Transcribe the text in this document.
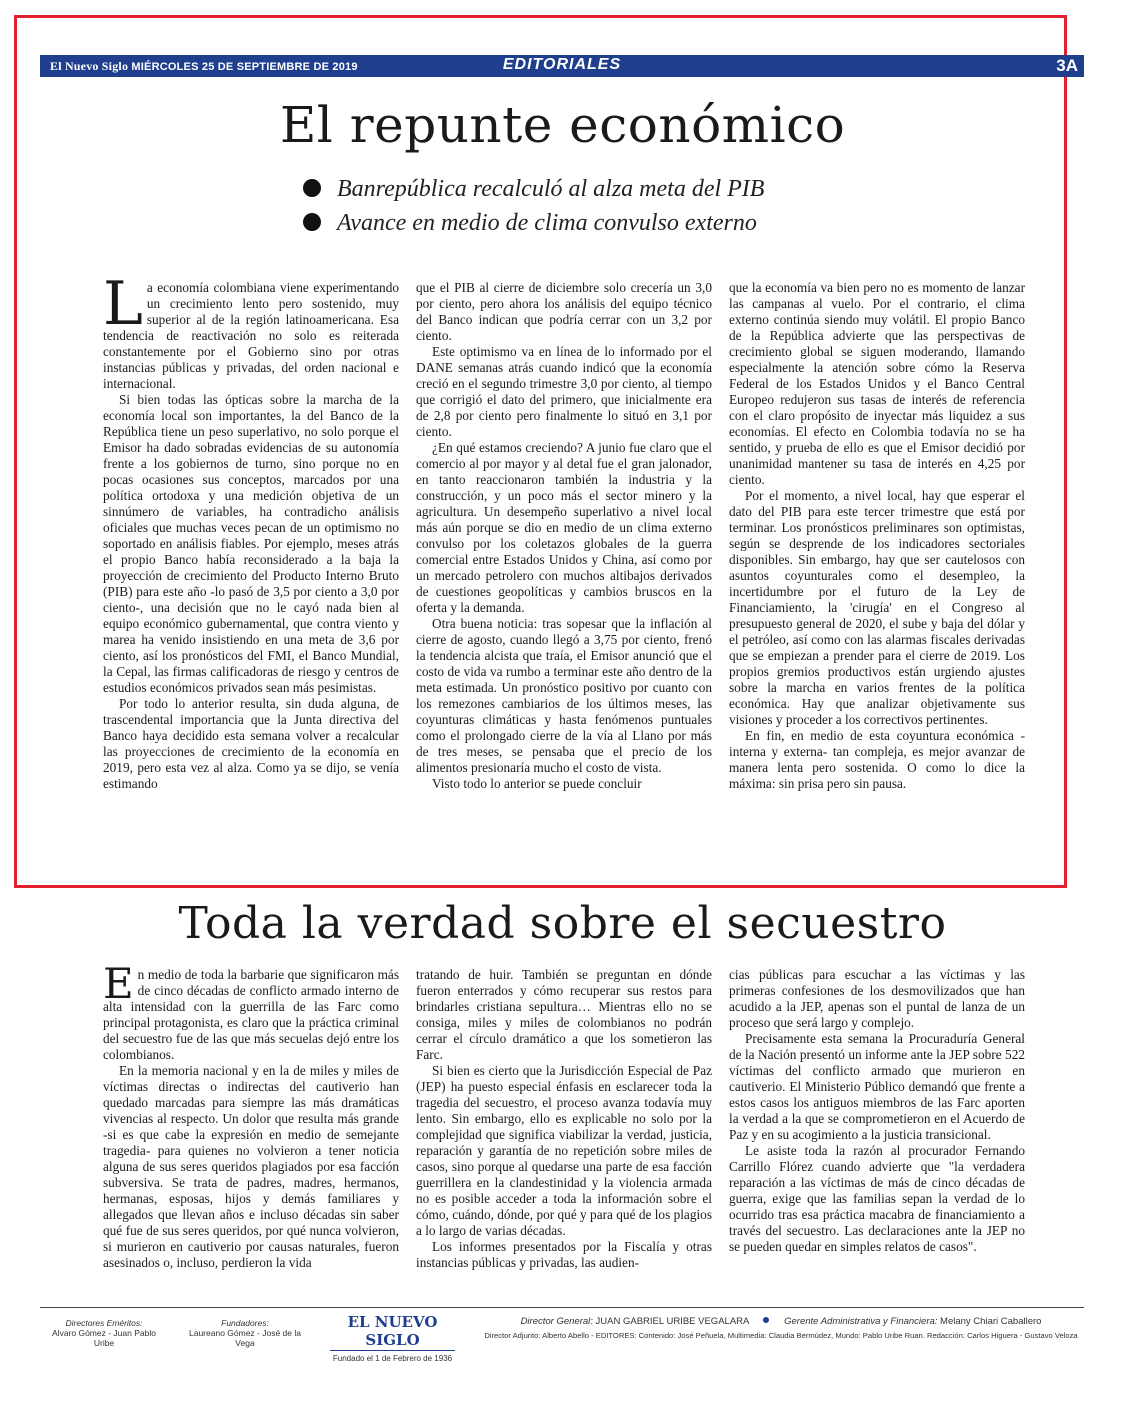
El Nuevo Siglo MIÉRCOLES 25 DE SEPTIEMBRE DE 2019	EDITORIALES	3A
El repunte económico
Banrepública recalculó al alza meta del PIB
Avance en medio de clima convulso externo

La economía colombiana viene experimentando un crecimiento lento pero sostenido, muy superior al de la región latinoamericana. Esa tendencia de reactivación no solo es reiterada constantemente por el Gobierno sino por otras instancias públicas y privadas, del orden nacional e internacional.

Si bien todas las ópticas sobre la marcha de la economía local son importantes, la del Banco de la República tiene un peso superlativo, no solo porque el Emisor ha dado sobradas evidencias de su autonomía frente a los gobiernos de turno, sino porque no en pocas ocasiones sus conceptos, marcados por una política ortodoxa y una medición objetiva de un sinnúmero de variables, ha contradicho análisis oficiales que muchas veces pecan de un optimismo no soportado en análisis fiables. Por ejemplo, meses atrás el propio Banco había reconsiderado a la baja la proyección de crecimiento del Producto Interno Bruto (PIB) para este año -lo pasó de 3,5 por ciento a 3,0 por ciento-, una decisión que no le cayó nada bien al equipo económico gubernamental, que contra viento y marea ha venido insistiendo en una meta de 3,6 por ciento, así los pronósticos del FMI, el Banco Mundial, la Cepal, las firmas calificadoras de riesgo y centros de estudios económicos privados sean más pesimistas.

Por todo lo anterior resulta, sin duda alguna, de trascendental importancia que la Junta directiva del Banco haya decidido esta semana volver a recalcular las proyecciones de crecimiento de la economía en 2019, pero esta vez al alza. Como ya se dijo, se venía estimando

que el PIB al cierre de diciembre solo crecería un 3,0 por ciento, pero ahora los análisis del equipo técnico del Banco indican que podría cerrar con un 3,2 por ciento.

Este optimismo va en línea de lo informado por el DANE semanas atrás cuando indicó que la economía creció en el segundo trimestre 3,0 por ciento, al tiempo que corrigió el dato del primero, que inicialmente era de 2,8 por ciento pero finalmente lo situó en 3,1 por ciento.

¿En qué estamos creciendo? A junio fue claro que el comercio al por mayor y al detal fue el gran jalonador, en tanto reaccionaron también la industria y la construcción, y un poco más el sector minero y la agricultura. Un desempeño superlativo a nivel local más aún porque se dio en medio de un clima externo convulso por los coletazos globales de la guerra comercial entre Estados Unidos y China, así como por un mercado petrolero con muchos altibajos derivados de cuestiones geopolíticas y cambios bruscos en la oferta y la demanda.

Otra buena noticia: tras sopesar que la inflación al cierre de agosto, cuando llegó a 3,75 por ciento, frenó la tendencia alcista que traía, el Emisor anunció que el costo de vida va rumbo a terminar este año dentro de la meta estimada. Un pronóstico positivo por cuanto con los remezones cambiarios de los últimos meses, las coyunturas climáticas y hasta fenómenos puntuales como el prolongado cierre de la vía al Llano por más de tres meses, se pensaba que el precio de los alimentos presionaría mucho el costo de vista.

Visto todo lo anterior se puede concluir

que la economía va bien pero no es momento de lanzar las campanas al vuelo. Por el contrario, el clima externo continúa siendo muy volátil. El propio Banco de la República advierte que las perspectivas de crecimiento global se siguen moderando, llamando especialmente la atención sobre cómo la Reserva Federal de los Estados Unidos y el Banco Central Europeo redujeron sus tasas de interés de referencia con el claro propósito de inyectar más liquidez a sus economías. El efecto en Colombia todavía no se ha sentido, y prueba de ello es que el Emisor decidió por unanimidad mantener su tasa de interés en 4,25 por ciento.

Por el momento, a nivel local, hay que esperar el dato del PIB para este tercer trimestre que está por terminar. Los pronósticos preliminares son optimistas, según se desprende de los indicadores sectoriales disponibles. Sin embargo, hay que ser cautelosos con asuntos coyunturales como el desempleo, la incertidumbre por el futuro de la Ley de Financiamiento, la 'cirugía' en el Congreso al presupuesto general de 2020, el sube y baja del dólar y el petróleo, así como con las alarmas fiscales derivadas que se empiezan a prender para el cierre de 2019. Los propios gremios productivos están urgiendo ajustes sobre la marcha en varios frentes de la política económica. Hay que analizar objetivamente sus visiones y proceder a los correctivos pertinentes.

En fin, en medio de esta coyuntura económica -interna y externa- tan compleja, es mejor avanzar de manera lenta pero sostenida. O como lo dice la máxima: sin prisa pero sin pausa.

Toda la verdad sobre el secuestro

En medio de toda la barbarie que significaron más de cinco décadas de conflicto armado interno de alta intensidad con la guerrilla de las Farc como principal protagonista, es claro que la práctica criminal del secuestro fue de las que más secuelas dejó entre los colombianos.

En la memoria nacional y en la de miles y miles de víctimas directas o indirectas del cautiverio han quedado marcadas para siempre las más dramáticas vivencias al respecto. Un dolor que resulta más grande -si es que cabe la expresión en medio de semejante tragedia- para quienes no volvieron a tener noticia alguna de sus seres queridos plagiados por esa facción subversiva. Se trata de padres, madres, hermanos, hermanas, esposas, hijos y demás familiares y allegados que llevan años e incluso décadas sin saber qué fue de sus seres queridos, por qué nunca volvieron, si murieron en cautiverio por causas naturales, fueron asesinados o, incluso, perdieron la vida

tratando de huir. También se preguntan en dónde fueron enterrados y cómo recuperar sus restos para brindarles cristiana sepultura… Mientras ello no se consiga, miles y miles de colombianos no podrán cerrar el círculo dramático a que los sometieron las Farc.

Si bien es cierto que la Jurisdicción Especial de Paz (JEP) ha puesto especial énfasis en esclarecer toda la tragedia del secuestro, el proceso avanza todavía muy lento. Sin embargo, ello es explicable no solo por la complejidad que significa viabilizar la verdad, justicia, reparación y garantía de no repetición sobre miles de casos, sino porque al quedarse una parte de esa facción guerrillera en la clandestinidad y la violencia armada no es posible acceder a toda la información sobre el cómo, cuándo, dónde, por qué y para qué de los plagios a lo largo de varias décadas.

Los informes presentados por la Fiscalía y otras instancias públicas y privadas, las audien-

cias públicas para escuchar a las víctimas y las primeras confesiones de los desmovilizados que han acudido a la JEP, apenas son el puntal de lanza de un proceso que será largo y complejo.

Precisamente esta semana la Procuraduría General de la Nación presentó un informe ante la JEP sobre 522 víctimas del conflicto armado que murieron en cautiverio. El Ministerio Público demandó que frente a estos casos los antiguos miembros de las Farc aporten la verdad a la que se comprometieron en el Acuerdo de Paz y en su acogimiento a la justicia transicional.

Le asiste toda la razón al procurador Fernando Carrillo Flórez cuando advierte que "la verdadera reparación a las víctimas de más de cinco décadas de guerra, exige que las familias sepan la verdad de lo ocurrido tras esa práctica macabra de financiamiento a través del secuestro. Las declaraciones ante la JEP no se pueden quedar en simples relatos de casos".

Directores Eméritos:
Alvaro Gómez - Juan Pablo Uribe
Fundadores:
Laureano Gómez - José de la Vega
EL NUEVO SIGLO
Fundado el 1 de Febrero de 1936
Director General: JUAN GABRIEL URIBE VEGALARA	Gerente Administrativa y Financiera: Melany Chiari Caballero
Director Adjunto: Alberto Abello - EDITORES: Contenido: José Peñuela, Multimedia: Claudia Bermúdez, Mundo: Pablo Uribe Ruan. Redacción: Carlos Higuera - Gustavo Veloza
